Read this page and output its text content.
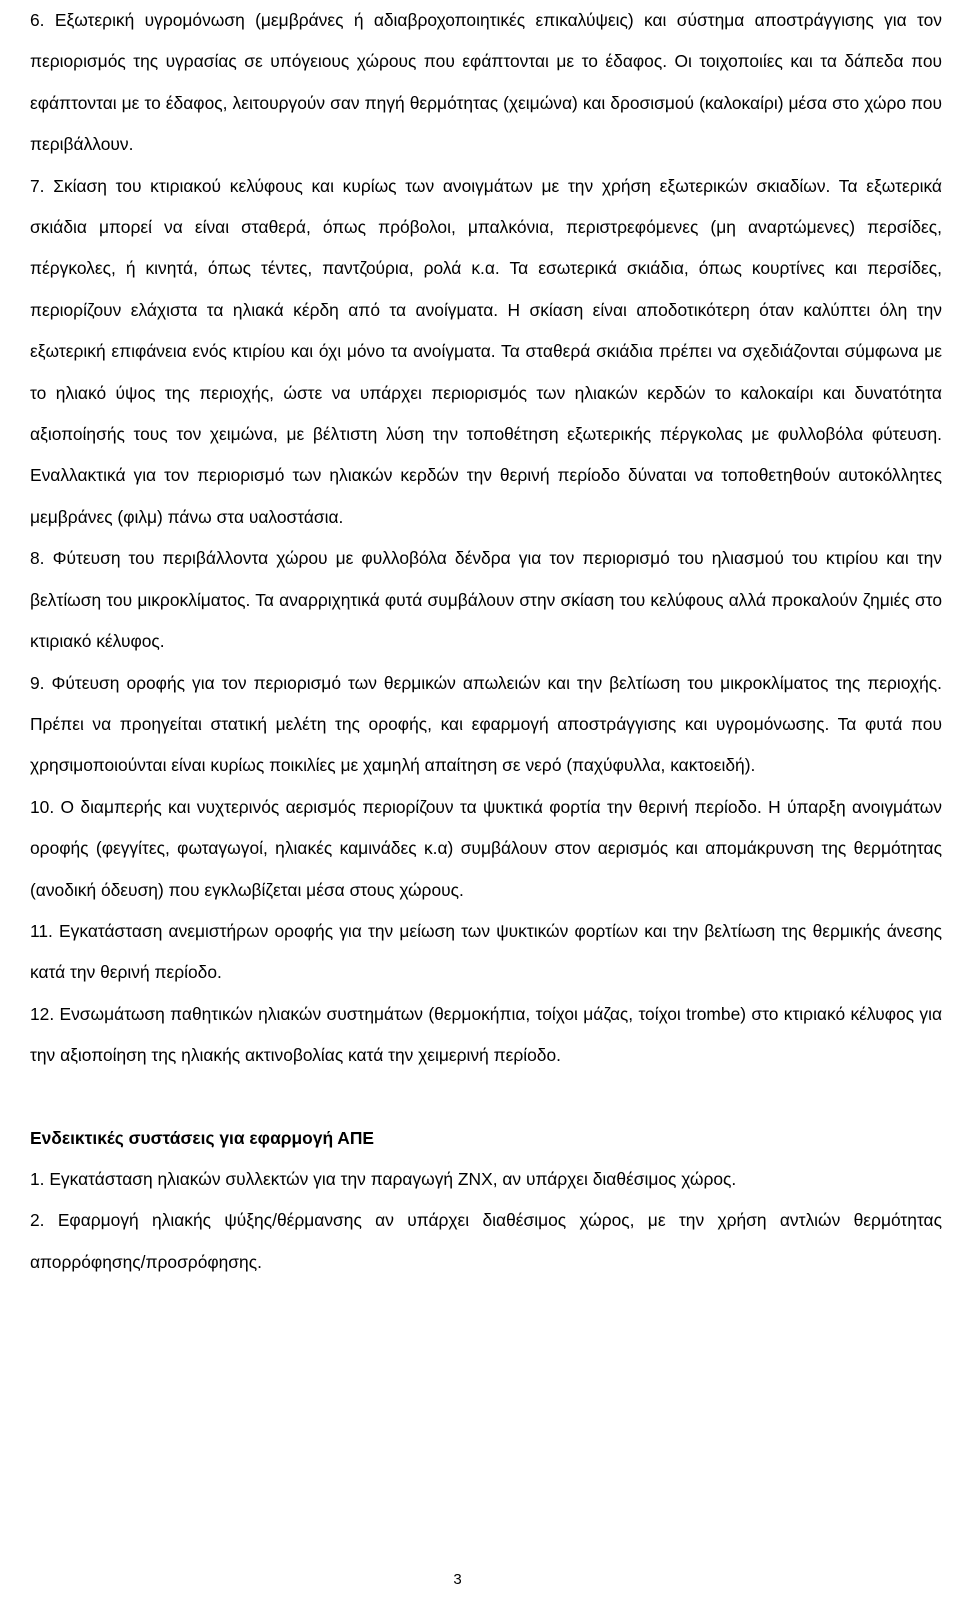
6. Εξωτερική υγρομόνωση (μεμβράνες ή αδιαβροχοποιητικές επικαλύψεις) και σύστημα αποστράγγισης για τον περιορισμός της υγρασίας σε υπόγειους χώρους που εφάπτονται με το έδαφος. Οι τοιχοποιίες και τα δάπεδα που εφάπτονται με το έδαφος, λειτουργούν σαν πηγή θερμότητας (χειμώνα) και δροσισμού (καλοκαίρι) μέσα στο χώρο που περιβάλλουν.

7. Σκίαση του κτιριακού κελύφους και κυρίως των ανοιγμάτων με την χρήση εξωτερικών σκιαδίων. Τα εξωτερικά σκιάδια μπορεί να είναι σταθερά, όπως πρόβολοι, μπαλκόνια, περιστρεφόμενες (μη αναρτώμενες) περσίδες, πέργκολες, ή κινητά, όπως τέντες, παντζούρια, ρολά κ.α. Τα εσωτερικά σκιάδια, όπως κουρτίνες και περσίδες, περιορίζουν ελάχιστα τα ηλιακά κέρδη από τα ανοίγματα. Η σκίαση είναι αποδοτικότερη όταν καλύπτει όλη την εξωτερική επιφάνεια ενός κτιρίου και όχι μόνο τα ανοίγματα. Τα σταθερά σκιάδια πρέπει να σχεδιάζονται σύμφωνα με το ηλιακό ύψος της περιοχής, ώστε να υπάρχει περιορισμός των ηλιακών κερδών το καλοκαίρι και δυνατότητα αξιοποίησής τους τον χειμώνα, με βέλτιστη λύση την τοποθέτηση εξωτερικής πέργκολας με φυλλοβόλα φύτευση. Εναλλακτικά για τον περιορισμό των ηλιακών κερδών την θερινή περίοδο δύναται να τοποθετηθούν αυτοκόλλητες μεμβράνες (φιλμ) πάνω στα υαλοστάσια.

8. Φύτευση του περιβάλλοντα χώρου με φυλλοβόλα δένδρα για τον περιορισμό του ηλιασμού του κτιρίου και την βελτίωση του μικροκλίματος. Τα αναρριχητικά φυτά συμβάλουν στην σκίαση του κελύφους αλλά προκαλούν ζημιές στο κτιριακό κέλυφος.

9. Φύτευση οροφής για τον περιορισμό των θερμικών απωλειών και την βελτίωση του μικροκλίματος της περιοχής. Πρέπει να προηγείται στατική μελέτη της οροφής, και εφαρμογή αποστράγγισης και υγρομόνωσης. Τα φυτά που χρησιμοποιούνται είναι κυρίως ποικιλίες με χαμηλή απαίτηση σε νερό (παχύφυλλα, κακτοειδή).

10. Ο διαμπερής και νυχτερινός αερισμός περιορίζουν τα ψυκτικά φορτία την θερινή περίοδο. Η ύπαρξη ανοιγμάτων οροφής (φεγγίτες, φωταγωγοί, ηλιακές καμινάδες κ.α) συμβάλουν στον αερισμός και απομάκρυνση της θερμότητας (ανοδική όδευση) που εγκλωβίζεται μέσα στους χώρους.

11. Εγκατάσταση ανεμιστήρων οροφής για την μείωση των ψυκτικών φορτίων και την βελτίωση της θερμικής άνεσης κατά την θερινή περίοδο.

12. Ενσωμάτωση παθητικών ηλιακών συστημάτων (θερμοκήπια, τοίχοι μάζας, τοίχοι trombe) στο κτιριακό κέλυφος για την αξιοποίηση της ηλιακής ακτινοβολίας κατά την χειμερινή περίοδο.

Ενδεικτικές συστάσεις για εφαρμογή ΑΠΕ

1. Εγκατάσταση ηλιακών συλλεκτών για την παραγωγή ΖΝΧ, αν υπάρχει διαθέσιμος χώρος.

2. Εφαρμογή ηλιακής ψύξης/θέρμανσης αν υπάρχει διαθέσιμος χώρος, με την χρήση αντλιών θερμότητας απορρόφησης/προσρόφησης.

3
